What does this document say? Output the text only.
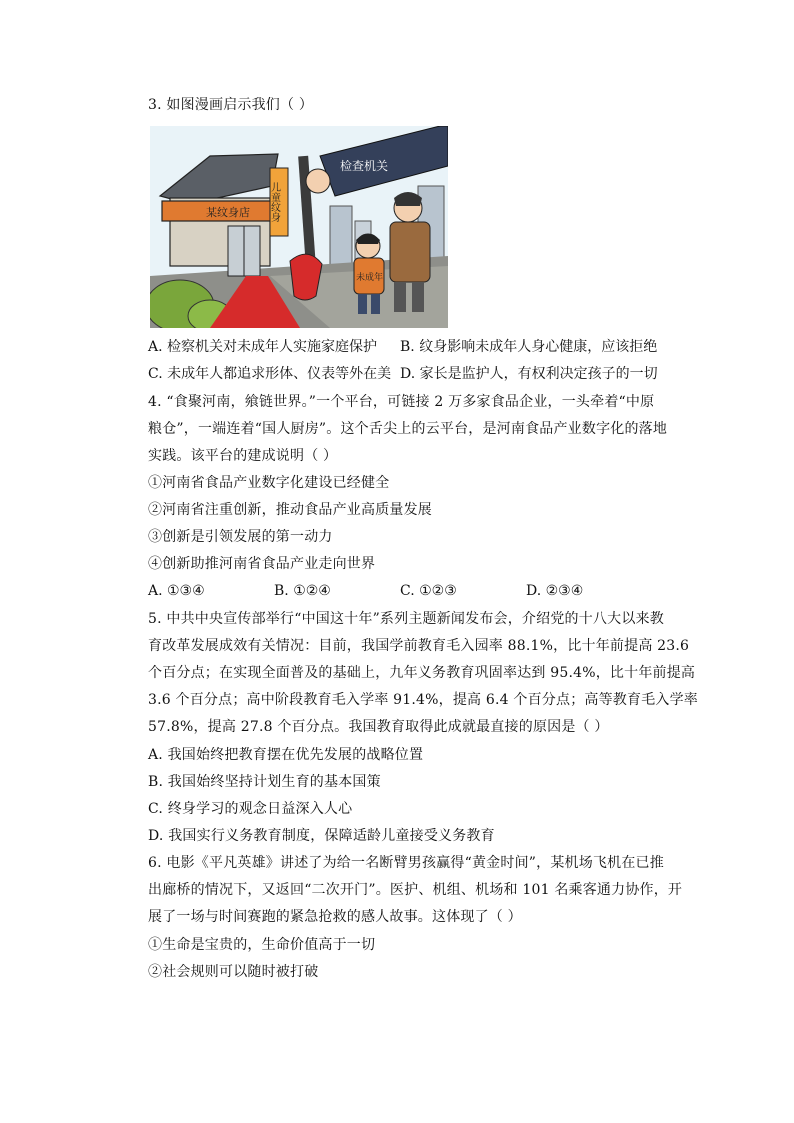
3. 如图漫画启示我们（ ）
某纹身店 儿童纹身
检查机关
未成年
A. 检察机关对未成年人实施家庭保护 B. 纹身影响未成年人身心健康，应该拒绝
C. 未成年人都追求形体、仪表等外在美 D. 家长是监护人，有权利决定孩子的一切
4. “食聚河南，飨链世界。”一个平台，可链接 2 万多家食品企业，一头牵着“中原
粮仓”，一端连着“国人厨房”。这个舌尖上的云平台，是河南食品产业数字化的落地
实践。该平台的建成说明（ ）
①河南省食品产业数字化建设已经健全
②河南省注重创新，推动食品产业高质量发展
③创新是引领发展的第一动力
④创新助推河南省食品产业走向世界
A. ①③④	B. ①②④	C. ①②③	D. ②③④
5. 中共中央宣传部举行“中国这十年”系列主题新闻发布会，介绍党的十八大以来教
育改革发展成效有关情况：目前，我国学前教育毛入园率 88.1%，比十年前提高 23.6
个百分点；在实现全面普及的基础上，九年义务教育巩固率达到 95.4%，比十年前提高
3.6 个百分点；高中阶段教育毛入学率 91.4%，提高 6.4 个百分点；高等教育毛入学率
57.8%，提高 27.8 个百分点。我国教育取得此成就最直接的原因是（ ）
A. 我国始终把教育摆在优先发展的战略位置
B. 我国始终坚持计划生育的基本国策
C. 终身学习的观念日益深入人心
D. 我国实行义务教育制度，保障适龄儿童接受义务教育
6. 电影《平凡英雄》讲述了为给一名断臂男孩赢得“黄金时间”，某机场飞机在已推
出廊桥的情况下，又返回“二次开门”。医护、机组、机场和 101 名乘客通力协作，开
展了一场与时间赛跑的紧急抢救的感人故事。这体现了（ ）
①生命是宝贵的，生命价值高于一切
②社会规则可以随时被打破
